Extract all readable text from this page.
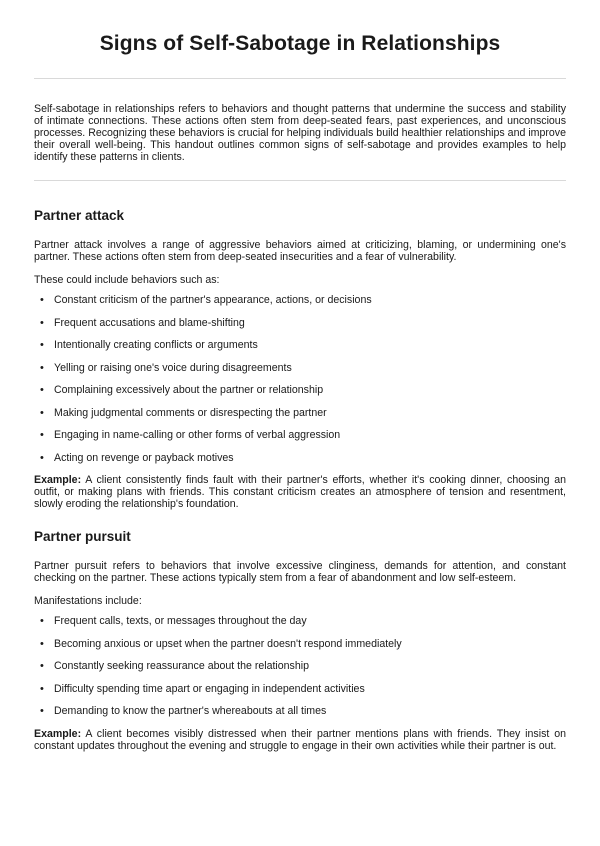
Signs of Self-Sabotage in Relationships

Self-sabotage in relationships refers to behaviors and thought patterns that undermine the success and stability of intimate connections. These actions often stem from deep-seated fears, past experiences, and unconscious processes. Recognizing these behaviors is crucial for helping individuals build healthier relationships and improve their overall well-being. This handout outlines common signs of self-sabotage and provides examples to help identify these patterns in clients.

Partner attack

Partner attack involves a range of aggressive behaviors aimed at criticizing, blaming, or undermining one's partner. These actions often stem from deep-seated insecurities and a fear of vulnerability.

These could include behaviors such as:

• Constant criticism of the partner's appearance, actions, or decisions
• Frequent accusations and blame-shifting
• Intentionally creating conflicts or arguments
• Yelling or raising one's voice during disagreements
• Complaining excessively about the partner or relationship
• Making judgmental comments or disrespecting the partner
• Engaging in name-calling or other forms of verbal aggression
• Acting on revenge or payback motives

Example: A client consistently finds fault with their partner's efforts, whether it's cooking dinner, choosing an outfit, or making plans with friends. This constant criticism creates an atmosphere of tension and resentment, slowly eroding the relationship's foundation.

Partner pursuit

Partner pursuit refers to behaviors that involve excessive clinginess, demands for attention, and constant checking on the partner. These actions typically stem from a fear of abandonment and low self-esteem.

Manifestations include:

• Frequent calls, texts, or messages throughout the day
• Becoming anxious or upset when the partner doesn't respond immediately
• Constantly seeking reassurance about the relationship
• Difficulty spending time apart or engaging in independent activities
• Demanding to know the partner's whereabouts at all times

Example: A client becomes visibly distressed when their partner mentions plans with friends. They insist on constant updates throughout the evening and struggle to engage in their own activities while their partner is out.
